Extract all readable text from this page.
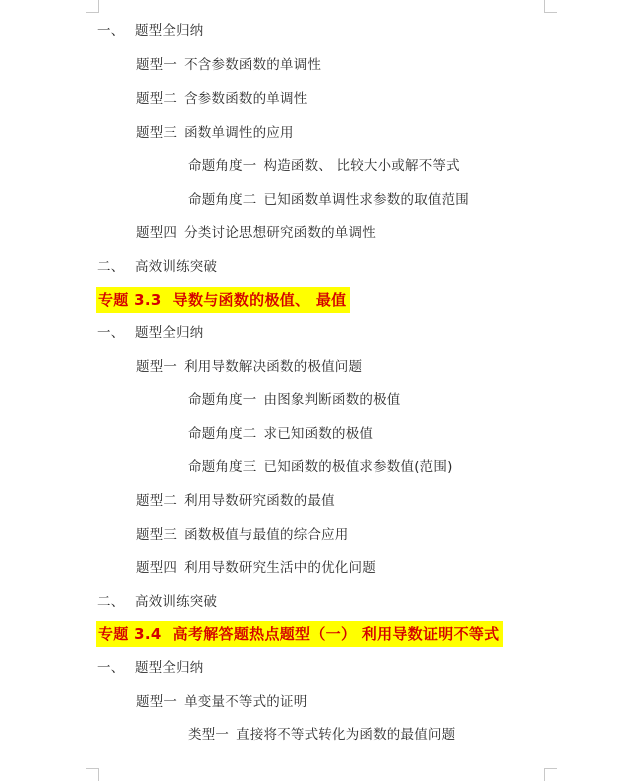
一、 题型全归纳
题型一 不含参数函数的单调性
题型二 含参数函数的单调性
题型三 函数单调性的应用
命题角度一 构造函数、 比较大小或解不等式
命题角度二 已知函数单调性求参数的取值范围
题型四 分类讨论思想研究函数的单调性
二、 高效训练突破
专题 3.3 导数与函数的极值、 最值
一、 题型全归纳
题型一 利用导数解决函数的极值问题
命题角度一 由图象判断函数的极值
命题角度二 求已知函数的极值
命题角度三 已知函数的极值求参数值(范围)
题型二 利用导数研究函数的最值
题型三 函数极值与最值的综合应用
题型四 利用导数研究生活中的优化问题
二、 高效训练突破
专题 3.4 高考解答题热点题型（一） 利用导数证明不等式
一、 题型全归纳
题型一 单变量不等式的证明
类型一 直接将不等式转化为函数的最值问题
